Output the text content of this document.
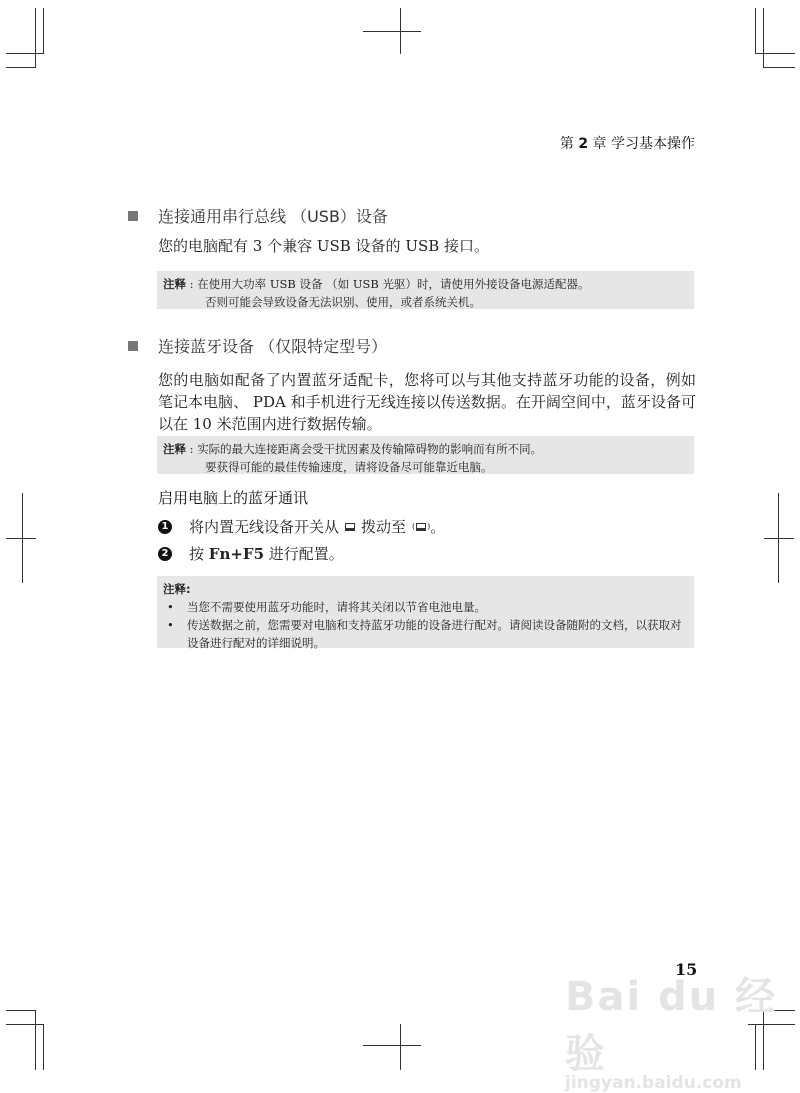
第 2 章 学习基本操作
连接通用串行总线 （USB）设备
您的电脑配有 3 个兼容 USB 设备的 USB 接口。
注释 : 在使用大功率 USB 设备 （如 USB 光驱）时，请使用外接设备电源适配器。
否则可能会导致设备无法识别、使用，或者系统关机。
连接蓝牙设备 （仅限特定型号）
您的电脑如配备了内置蓝牙适配卡，您将可以与其他支持蓝牙功能的设备，例如笔记本电脑、 PDA 和手机进行无线连接以传送数据。在开阔空间中，蓝牙设备可以在 10 米范围内进行数据传输。
注释 : 实际的最大连接距离会受干扰因素及传输障碍物的影响而有所不同。
要获得可能的最佳传输速度，请将设备尽可能靠近电脑。
启用电脑上的蓝牙通讯
1 将内置无线设备开关从 拨动至 ( ) 。
2 按
Fn+F5
进行配置。
注释:
• 当您不需要使用蓝牙功能时，请将其关闭以节省电池电量。
• 传送数据之前，您需要对电脑和支持蓝牙功能的设备进行配对。请阅读设备随附的文档，以获取对设备进行配对的详细说明。
Bai du 经验
jingyan.baidu.com
15
